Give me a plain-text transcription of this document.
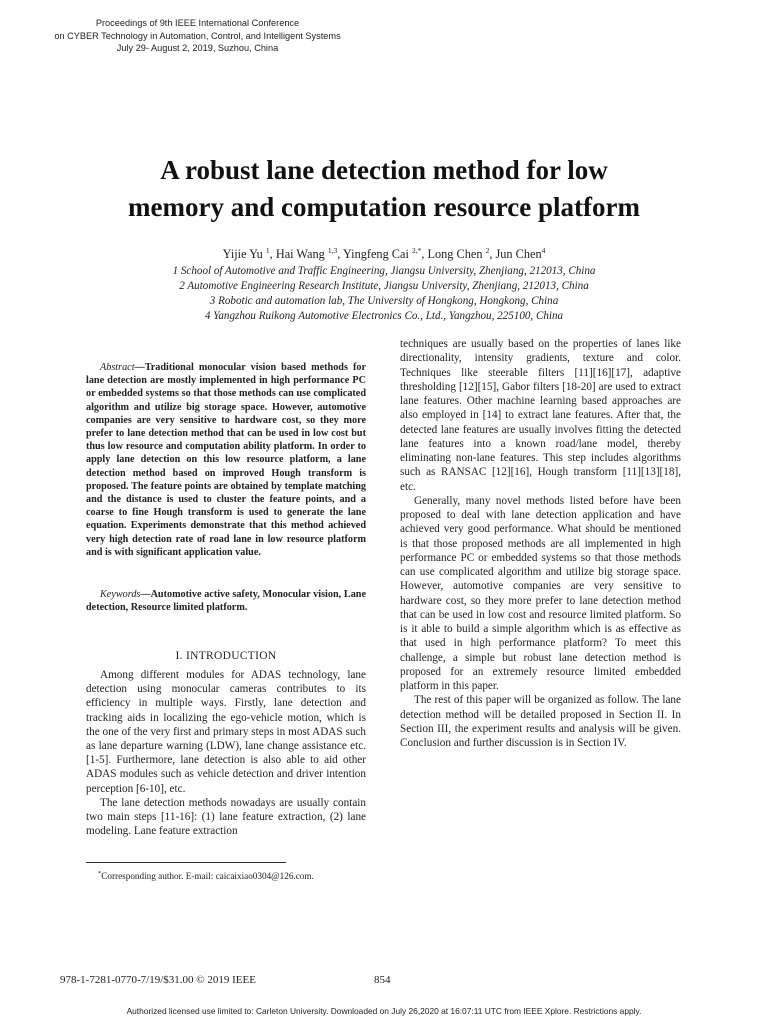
Proceedings of 9th IEEE International Conference
on CYBER Technology in Automation, Control, and Intelligent Systems
July 29- August 2, 2019, Suzhou, China
A robust lane detection method for low
memory and computation resource platform
Yijie Yu $^1$, Hai Wang $^{1,3}$, Yingfeng Cai $^{2,*}$, Long Chen $^2$, Jun Chen$^4$
1 School of Automotive and Traffic Engineering, Jiangsu University, Zhenjiang, 212013, China
2 Automotive Engineering Research Institute, Jiangsu University, Zhenjiang, 212013, China
3 Robotic and automation lab, The University of Hongkong, Hongkong, China
4 Yangzhou Ruikong Automotive Electronics Co., Ltd., Yangzhou, 225100, China

Abstract—Traditional monocular vision based methods for lane detection are mostly implemented in high performance PC or embedded systems so that those methods can use complicated algorithm and utilize big storage space. However, automotive companies are very sensitive to hardware cost, so they more prefer to lane detection method that can be used in low cost but thus low resource and computation ability platform. In order to apply lane detection on this low resource platform, a lane detection method based on improved Hough transform is proposed. The feature points are obtained by template matching and the distance is used to cluster the feature points, and a coarse to fine Hough transform is used to generate the lane equation. Experiments demonstrate that this method achieved very high detection rate of road lane in low resource platform and is with significant application value.

Keywords—Automotive active safety, Monocular vision, Lane detection, Resource limited platform.

I. INTRODUCTION

Among different modules for ADAS technology, lane detection using monocular cameras contributes to its efficiency in multiple ways. Firstly, lane detection and tracking aids in localizing the ego-vehicle motion, which is the one of the very first and primary steps in most ADAS such as lane departure warning (LDW), lane change assistance etc. [1-5]. Furthermore, lane detection is also able to aid other ADAS modules such as vehicle detection and driver intention perception [6-10], etc.

The lane detection methods nowadays are usually contain two main steps [11-16]: (1) lane feature extraction, (2) lane modeling. Lane feature extraction

techniques are usually based on the properties of lanes like directionality, intensity gradients, texture and color. Techniques like steerable filters [11][16][17], adaptive thresholding [12][15], Gabor filters [18-20] are used to extract lane features. Other machine learning based approaches are also employed in [14] to extract lane features. After that, the detected lane features are usually involves fitting the detected lane features into a known road/lane model, thereby eliminating non-lane features. This step includes algorithms such as RANSAC [12][16], Hough transform [11][13][18], etc.

Generally, many novel methods listed before have been proposed to deal with lane detection application and have achieved very good performance. What should be mentioned is that those proposed methods are all implemented in high performance PC or embedded systems so that those methods can use complicated algorithm and utilize big storage space. However, automotive companies are very sensitive to hardware cost, so they more prefer to lane detection method that can be used in low cost and resource limited platform. So is it able to build a simple algorithm which is as effective as that used in high performance platform? To meet this challenge, a simple but robust lane detection method is proposed for an extremely resource limited embedded platform in this paper.

The rest of this paper will be organized as follow. The lane detection method will be detailed proposed in Section II. In Section III, the experiment results and analysis will be given. Conclusion and further discussion is in Section IV.

*Corresponding author. E-mail: caicaixiao0304@126.com.
978-1-7281-0770-7/19/$31.00 © 2019 IEEE	854
Authorized licensed use limited to: Carleton University. Downloaded on July 26,2020 at 16:07:11 UTC from IEEE Xplore. Restrictions apply.
